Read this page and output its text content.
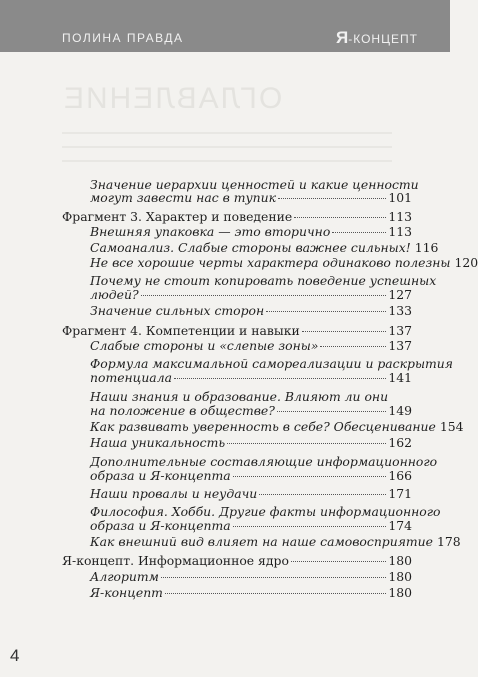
ПОЛИНА ПРАВДА	Я-КОНЦЕПТ
ОГЛАВЛЕНИЕ
Значение иерархии ценностей и какие ценности
могут завести нас в тупик	101
Фрагмент 3. Характер и поведение	113
Внешняя упаковка — это вторично	113
Самоанализ. Слабые стороны важнее сильных! 116
Не все хорошие черты характера одинаково полезны 120
Почему не стоит копировать поведение успешных
людей?	127
Значение сильных сторон	133
Фрагмент 4. Компетенции и навыки	137
Слабые стороны и «слепые зоны»	137
Формула максимальной самореализации и раскрытия
потенциала	141
Наши знания и образование. Влияют ли они
на положение в обществе?	149
Как развивать уверенность в себе? Обесценивание 154
Наша уникальность	162
Дополнительные составляющие информационного
образа и Я-концепта	166
Наши провалы и неудачи	171
Философия. Хобби. Другие факты информационного
образа и Я-концепта	174
Как внешний вид влияет на наше самовосприятие 178
Я-концепт. Информационное ядро	180
Алгоритм	180
Я-концепт	180
4
